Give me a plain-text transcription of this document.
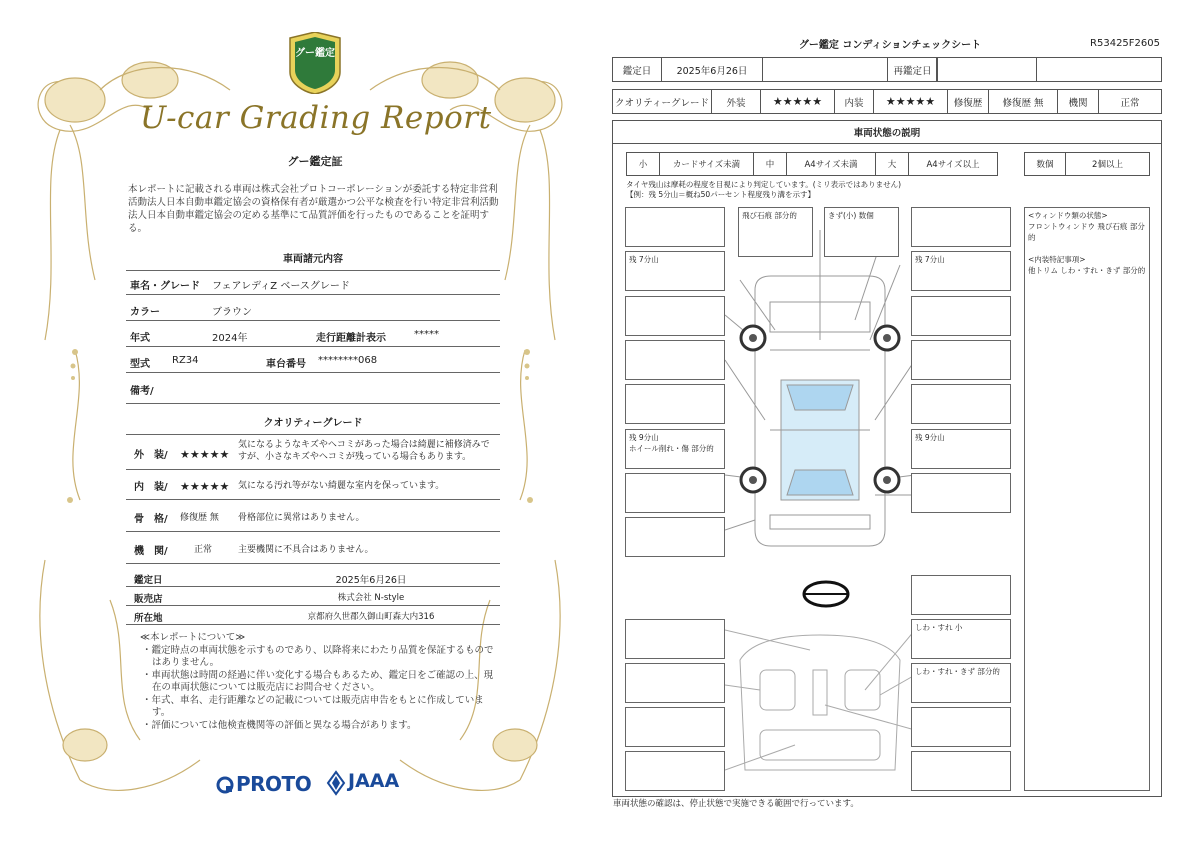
グー鑑定
U-car Grading Report
グー鑑定証
本レポートに記載される車両は株式会社プロトコーポレーションが委託する特定非営利活動法人日本自動車鑑定協会の資格保有者が厳選かつ公平な検査を行い特定非営利活動法人日本自動車鑑定協会の定める基準にて品質評価を行ったものであることを証明する。
車両諸元内容
車名・グレード フェアレディZ ベースグレード
カラー	ブラウン
年式	2024年	走行距離計表示	*****
型式 RZ34	車台番号 ********068
備考/
クオリティーグレード
外　装/ ★★★★★
気になるようなキズやヘコミがあった場合は綺麗に補修済みですが、小さなキズやヘコミが残っている場合もあります。
内　装/ ★★★★★ 気になる汚れ等がない綺麗な室内を保っています。
骨　格/ 修復歴 無 骨格部位に異常はありません。
機　関/	正常	主要機関に不具合はありません。
鑑定日	2025年6月26日
販売店	株式会社 N-style
所在地	京都府久世郡久御山町森大内316
≪本レポートについて≫
・鑑定時点の車両状態を示すものであり、以降将来にわたり品質を保証するものではありません。
・車両状態は時間の経過に伴い変化する場合もあるため、鑑定日をご確認の上、現在の車両状態については販売店にお問合せください。
・年式、車名、走行距離などの記載については販売店申告をもとに作成しています。
・評価については他検査機関等の評価と異なる場合があります。
PROTO JAAA
グー鑑定 コンディションチェックシート	R53425F2605
鑑定日	2025年6月26日	再鑑定日
クオリティーグレード	外装	★★★★★	内装	★★★★★	修復歴	修復歴 無	機関	正常
車両状態の説明
小	カードサイズ未満	中	A4サイズ未満	大	A4サイズ以上	数個	2個以上
タイヤ残山は摩耗の程度を目視により判定しています。(ミリ表示ではありません)
【例：残 5分山＝概ね50パーセント程度残り溝を示す】
残 7分山
残 9分山
ホイール削れ・傷 部分的
飛び石痕 部分的	きず(小) 数個
残 7分山
残 9分山
しわ・すれ 小
しわ・すれ・きず 部分的
<ウィンドウ類の状態>
フロントウィンドウ 飛び石痕 部分的

<内装特記事項>
他トリム しわ・すれ・きず 部分的
車両状態の確認は、停止状態で実施できる範囲で行っています。
